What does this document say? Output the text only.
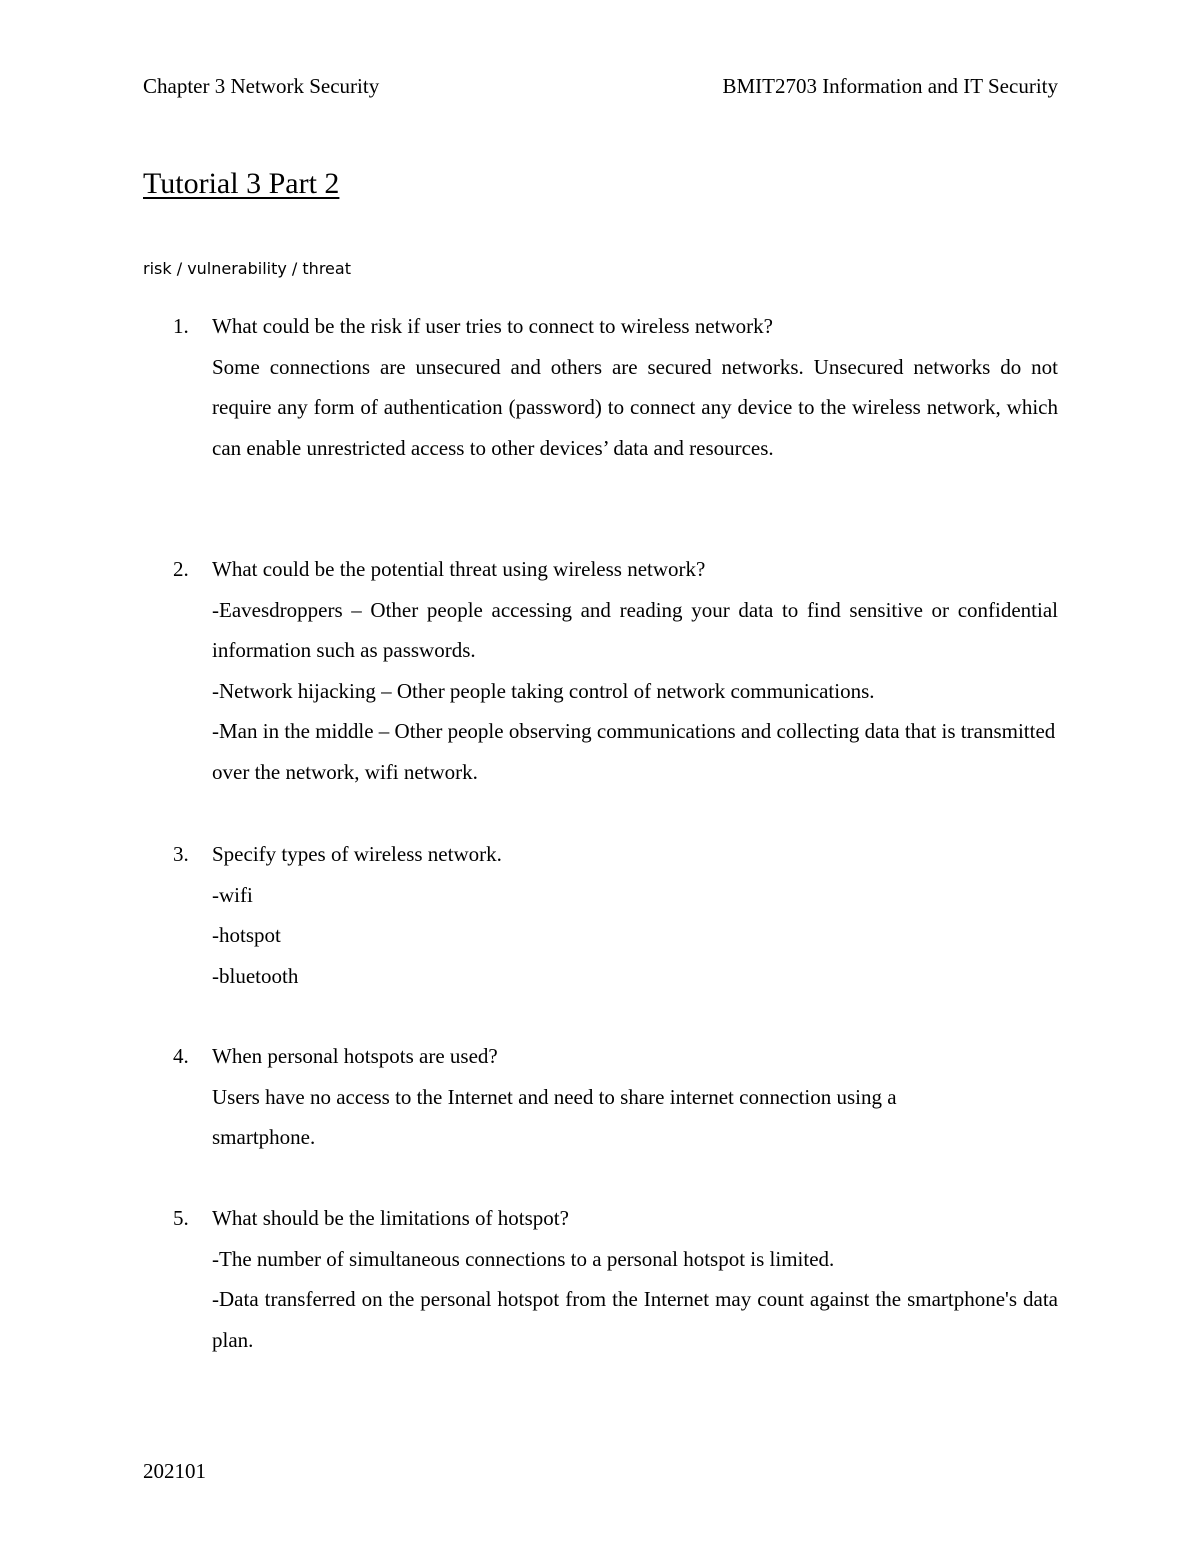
Chapter 3 Network Security	BMIT2703 Information and IT Security
Tutorial 3 Part 2
risk / vulnerability / threat
1.	What could be the risk if user tries to connect to wireless network?
Some connections are unsecured and others are secured networks. Unsecured networks do not require any form of authentication (password) to connect any device to the wireless network, which can enable unrestricted access to other devices’ data and resources.
2.	What could be the potential threat using wireless network?
-Eavesdroppers – Other people accessing and reading your data to find sensitive or confidential information such as passwords.
-Network hijacking – Other people taking control of network communications.
-Man in the middle – Other people observing communications and collecting data that is transmitted over the network, wifi network.
3.	Specify types of wireless network.
-wifi
-hotspot
-bluetooth
4.	When personal hotspots are used?
Users have no access to the Internet and need to share internet connection using a smartphone.
5.	What should be the limitations of hotspot?
-The number of simultaneous connections to a personal hotspot is limited.
-Data transferred on the personal hotspot from the Internet may count against the smartphone's data plan.
202101
